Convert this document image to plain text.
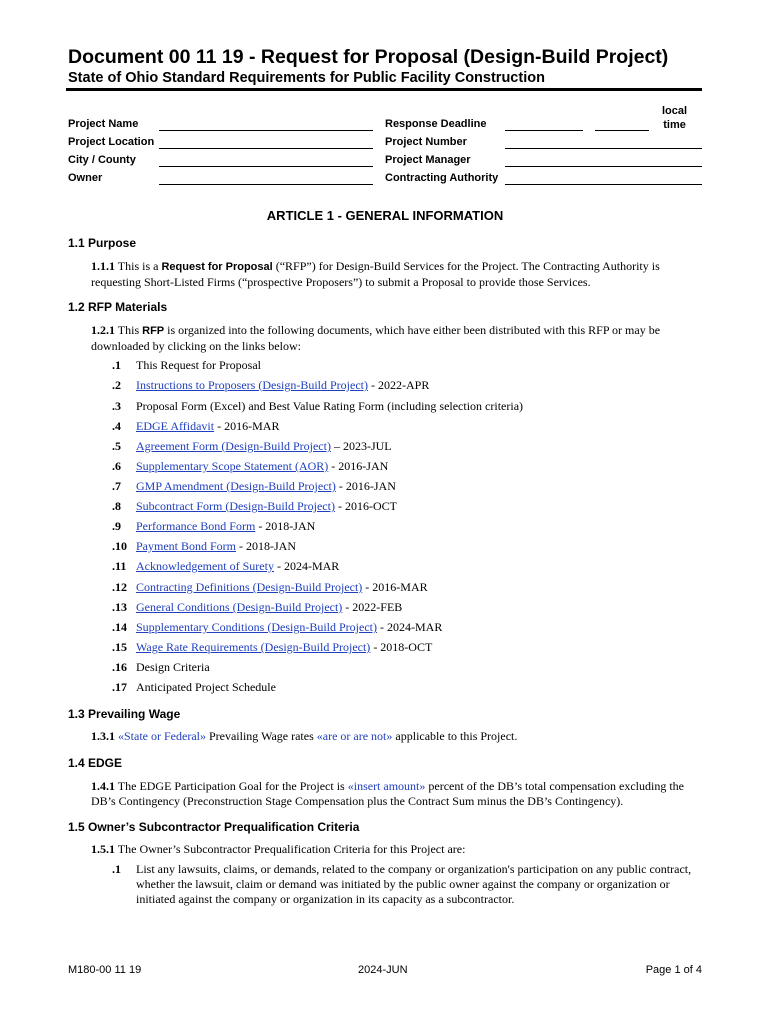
Document 00 11 19 - Request for Proposal (Design-Build Project)
State of Ohio Standard Requirements for Public Facility Construction
Project Name
Project Location
City / County
Owner
Response Deadline
local
time
Project Number
Project Manager
Contracting Authority
ARTICLE 1 - GENERAL INFORMATION
1.1 Purpose
1.1.1 This is a Request for Proposal (“RFP”) for Design-Build Services for the Project. The Contracting Authority is requesting Short-Listed Firms (“prospective Proposers”) to submit a Proposal to provide those Services.
1.2 RFP Materials
1.2.1 This RFP is organized into the following documents, which have either been distributed with this RFP or may be downloaded by clicking on the links below:
.1 This Request for Proposal
.2 Instructions to Proposers (Design-Build Project) - 2022-APR
.3 Proposal Form (Excel) and Best Value Rating Form (including selection criteria)
.4 EDGE Affidavit - 2016-MAR
.5 Agreement Form (Design-Build Project) – 2023-JUL
.6 Supplementary Scope Statement (AOR) - 2016-JAN
.7 GMP Amendment (Design-Build Project) - 2016-JAN
.8 Subcontract Form (Design-Build Project) - 2016-OCT
.9 Performance Bond Form - 2018-JAN
.10 Payment Bond Form - 2018-JAN
.11 Acknowledgement of Surety - 2024-MAR
.12 Contracting Definitions (Design-Build Project) - 2016-MAR
.13 General Conditions (Design-Build Project) - 2022-FEB
.14 Supplementary Conditions (Design-Build Project) - 2024-MAR
.15 Wage Rate Requirements (Design-Build Project) - 2018-OCT
.16 Design Criteria
.17 Anticipated Project Schedule
1.3 Prevailing Wage
1.3.1 «State or Federal» Prevailing Wage rates «are or are not» applicable to this Project.
1.4 EDGE
1.4.1 The EDGE Participation Goal for the Project is «insert amount» percent of the DB’s total compensation excluding the DB’s Contingency (Preconstruction Stage Compensation plus the Contract Sum minus the DB’s Contingency).
1.5 Owner’s Subcontractor Prequalification Criteria
1.5.1 The Owner’s Subcontractor Prequalification Criteria for this Project are:
.1 List any lawsuits, claims, or demands, related to the company or organization's participation on any public contract, whether the lawsuit, claim or demand was initiated by the public owner against the company or organization or initiated against the company or organization in its capacity as a subcontractor.
M180-00 11 19	2024-JUN	Page 1 of 4
